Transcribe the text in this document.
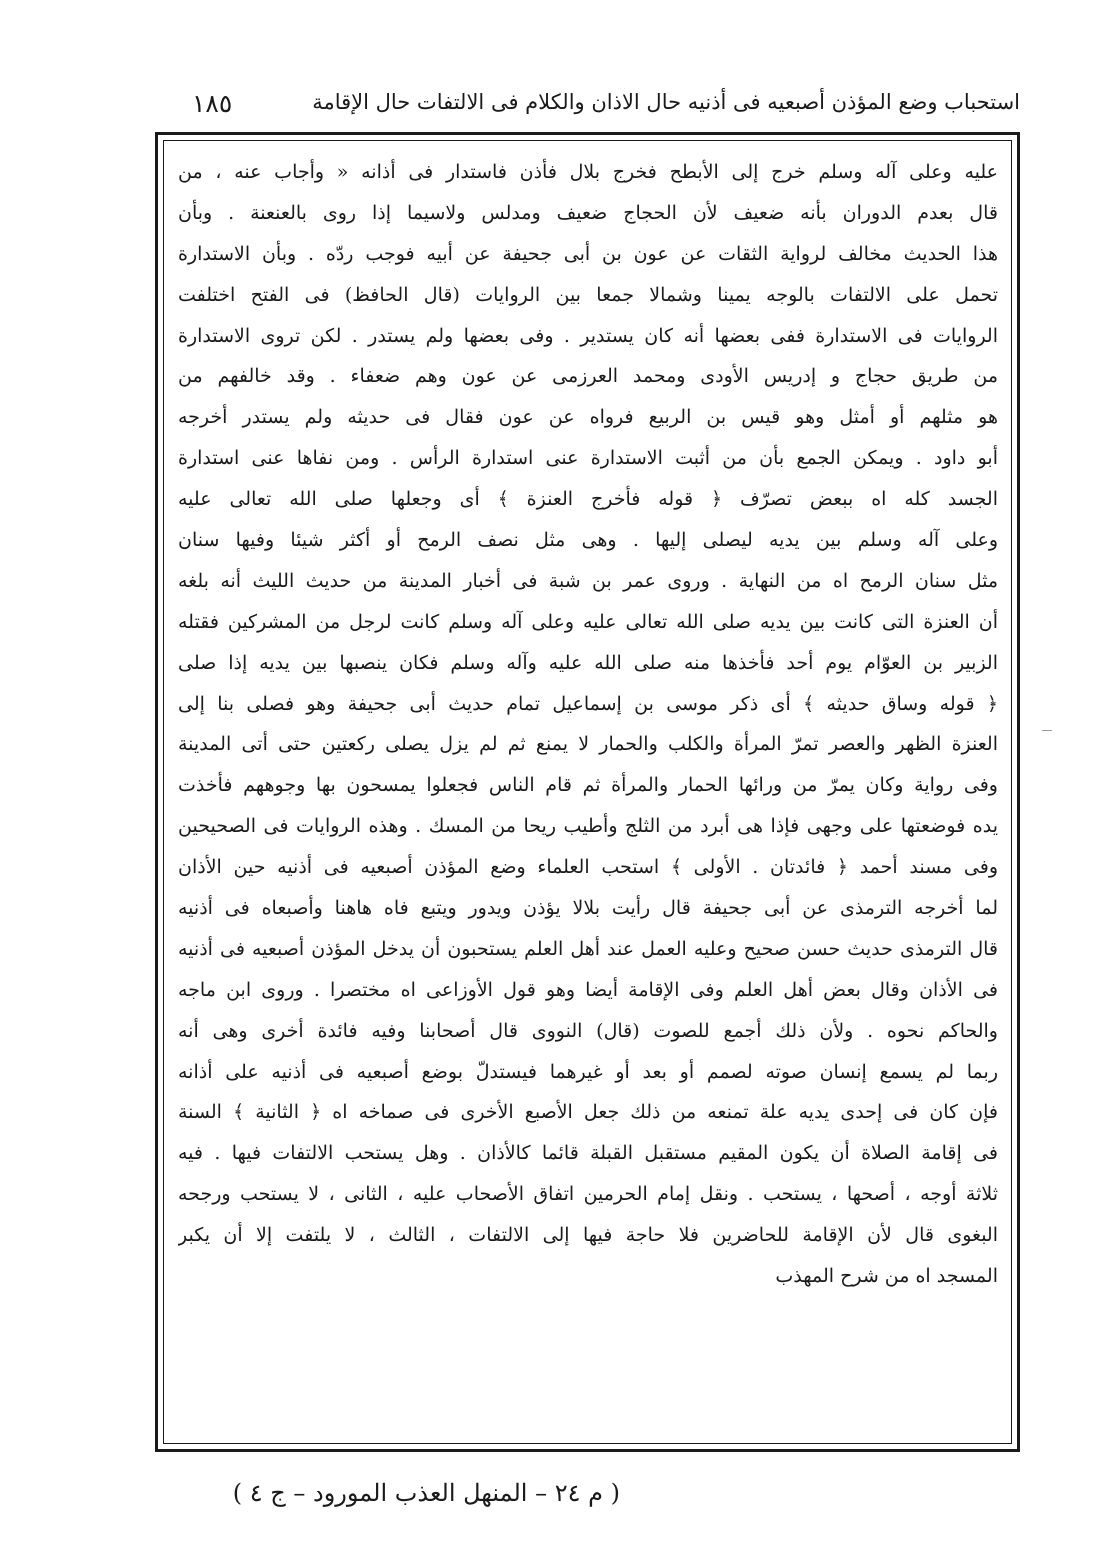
استحباب وضع المؤذن أصبعيه فى أذنيه حال الاذان والكلام فى الالتفات حال الإقامة
١٨٥
عليه وعلى آله وسلم خرج إلى الأبطح فخرج بلال فأذن فاستدار فى أذانه « وأجاب عنه ، من
قال بعدم الدوران بأنه ضعيف لأن الحجاج ضعيف ومدلس ولاسيما إذا روى بالعنعنة . وبأن
هذا الحديث مخالف لرواية الثقات عن عون بن أبى جحيفة عن أبيه فوجب ردّه . وبأن الاستدارة
تحمل على الالتفات بالوجه يمينا وشمالا جمعا بين الروايات (قال الحافظ) فى الفتح اختلفت
الروايات فى الاستدارة ففى بعضها أنه كان يستدير . وفى بعضها ولم يستدر . لكن تروى الاستدارة
من طريق حجاج و إدريس الأودى ومحمد العرزمى عن عون وهم ضعفاء . وقد خالفهم من
هو مثلهم أو أمثل وهو قيس بن الربيع فرواه عن عون فقال فى حديثه ولم يستدر أخرجه
أبو داود . ويمكن الجمع بأن من أثبت الاستدارة عنى استدارة الرأس . ومن نفاها عنى استدارة
الجسد كله اه ببعض تصرّف ﴿ قوله فأخرج العنزة ﴾ أى وجعلها صلى الله تعالى عليه
وعلى آله وسلم بين يديه ليصلى إليها . وهى مثل نصف الرمح أو أكثر شيئا وفيها سنان
مثل سنان الرمح اه من النهاية . وروى عمر بن شبة فى أخبار المدينة من حديث الليث أنه بلغه
أن العنزة التى كانت بين يديه صلى الله تعالى عليه وعلى آله وسلم كانت لرجل من المشركين فقتله
الزبير بن العوّام يوم أحد فأخذها منه صلى الله عليه وآله وسلم فكان ينصبها بين يديه إذا صلى
﴿ قوله وساق حديثه ﴾ أى ذكر موسى بن إسماعيل تمام حديث أبى جحيفة وهو فصلى بنا إلى
العنزة الظهر والعصر تمرّ المرأة والكلب والحمار لا يمنع ثم لم يزل يصلى ركعتين حتى أتى المدينة
وفى رواية وكان يمرّ من ورائها الحمار والمرأة ثم قام الناس فجعلوا يمسحون بها وجوههم فأخذت
يده فوضعتها على وجهى فإذا هى أبرد من الثلج وأطيب ريحا من المسك . وهذه الروايات فى الصحيحين
وفى مسند أحمد ﴿ فائدتان . الأولى ﴾ استحب العلماء وضع المؤذن أصبعيه فى أذنيه حين الأذان
لما أخرجه الترمذى عن أبى جحيفة قال رأيت بلالا يؤذن ويدور ويتبع فاه هاهنا وأصبعاه فى أذنيه
قال الترمذى حديث حسن صحيح وعليه العمل عند أهل العلم يستحبون أن يدخل المؤذن أصبعيه فى أذنيه
فى الأذان وقال بعض أهل العلم وفى الإقامة أيضا وهو قول الأوزاعى اه مختصرا . وروى ابن ماجه
والحاكم نحوه . ولأن ذلك أجمع للصوت (قال) النووى قال أصحابنا وفيه فائدة أخرى وهى أنه
ربما لم يسمع إنسان صوته لصمم أو بعد أو غيرهما فيستدلّ بوضع أصبعيه فى أذنيه على أذانه
فإن كان فى إحدى يديه علة تمنعه من ذلك جعل الأصبع الأخرى فى صماخه اه ﴿ الثانية ﴾ السنة
فى إقامة الصلاة أن يكون المقيم مستقبل القبلة قائما كالأذان . وهل يستحب الالتفات فيها . فيه
ثلاثة أوجه ، أصحها ، يستحب . ونقل إمام الحرمين اتفاق الأصحاب عليه ، الثانى ، لا يستحب ورجحه
البغوى قال لأن الإقامة للحاضرين فلا حاجة فيها إلى الالتفات ، الثالث ، لا يلتفت إلا أن يكبر
المسجد اه من شرح المهذب
( م ٢٤ – المنهل العذب المورود – ج ٤ )
